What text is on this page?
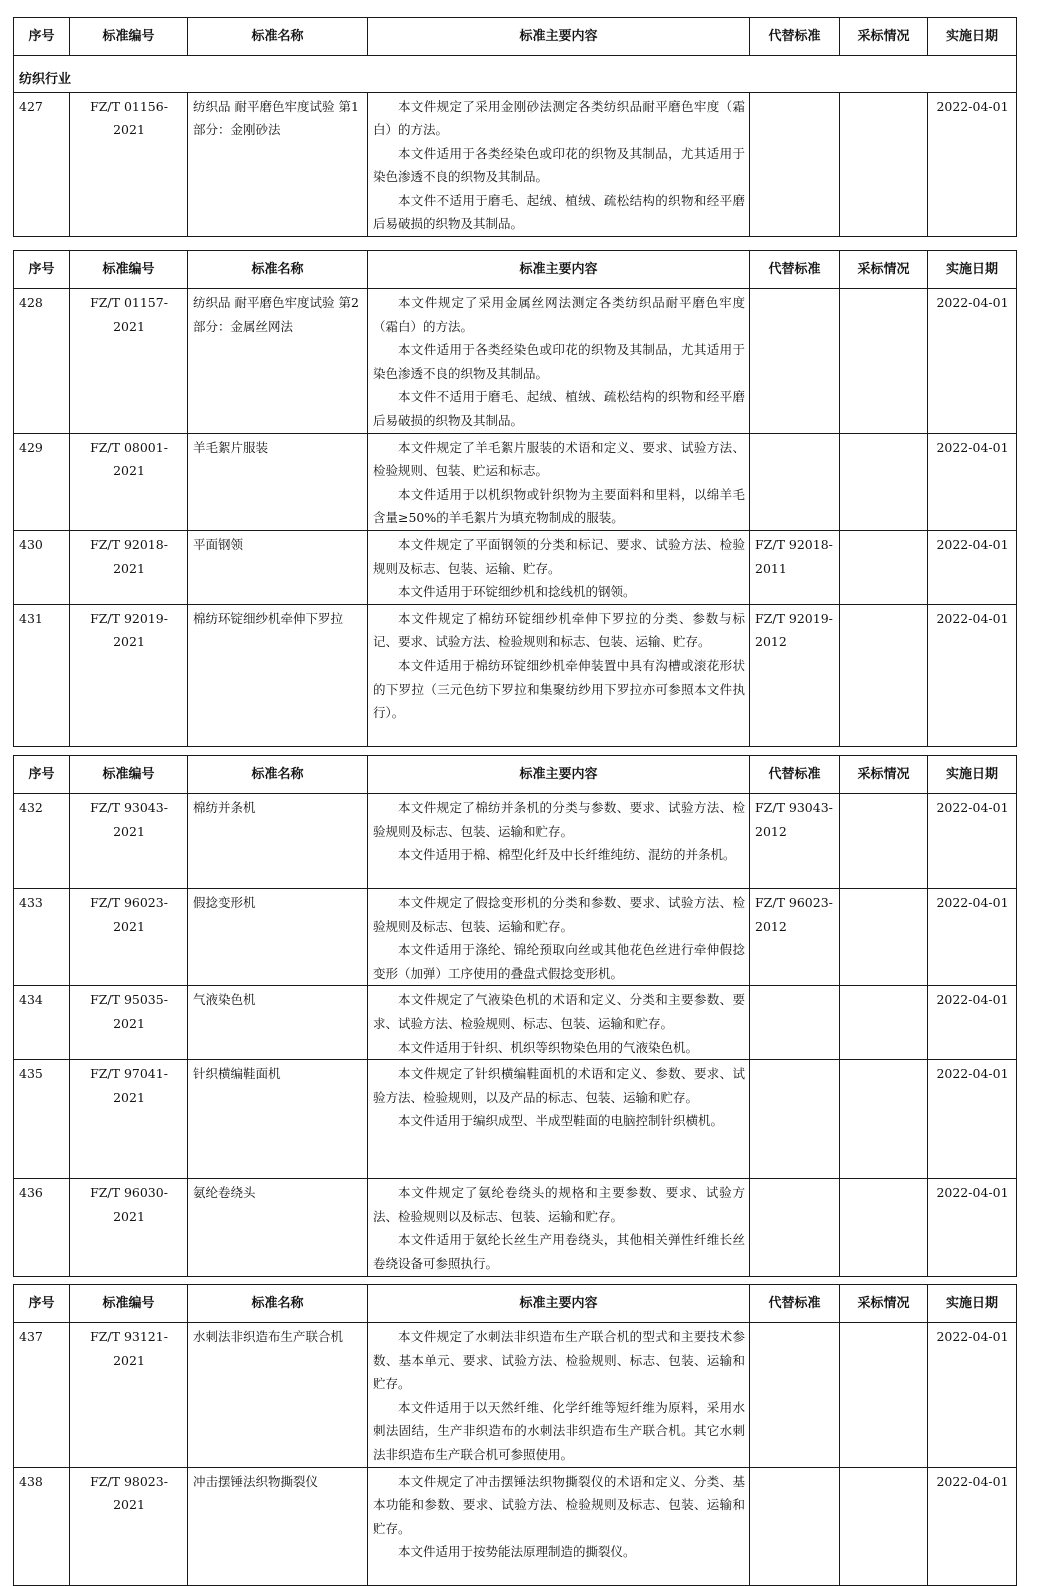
序号	标准编号	标准名称	标准主要内容	代替标准	采标情况	实施日期

纺织行业						
427	FZ/T 01156-2021	纺织品 耐平磨色牢度试验 第1部分：金刚砂法	本文件规定了采用金刚砂法测定各类纺织品耐平磨色牢度（霜白）的方法。

本文件适用于各类经染色或印花的织物及其制品，尤其适用于染色渗透不良的织物及其制品。

本文件不适用于磨毛、起绒、植绒、疏松结构的织物和经平磨后易破损的织物及其制品。			2022-04-01
序号	标准编号	标准名称	标准主要内容	代替标准	采标情况	实施日期
428	FZ/T 01157-2021	纺织品 耐平磨色牢度试验 第2部分：金属丝网法	本文件规定了采用金属丝网法测定各类纺织品耐平磨色牢度（霜白）的方法。

本文件适用于各类经染色或印花的织物及其制品，尤其适用于染色渗透不良的织物及其制品。

本文件不适用于磨毛、起绒、植绒、疏松结构的织物和经平磨后易破损的织物及其制品。			2022-04-01
429	FZ/T 08001-2021	羊毛絮片服装	本文件规定了羊毛絮片服装的术语和定义、要求、试验方法、检验规则、包装、贮运和标志。

本文件适用于以机织物或针织物为主要面料和里料，以绵羊毛含量≥50%的羊毛絮片为填充物制成的服装。			2022-04-01
430	FZ/T 92018-2021	平面钢领	本文件规定了平面钢领的分类和标记、要求、试验方法、检验规则及标志、包装、运输、贮存。

本文件适用于环锭细纱机和捻线机的钢领。	FZ/T 92018-2011		2022-04-01
431	FZ/T 92019-2021	棉纺环锭细纱机牵伸下罗拉	本文件规定了棉纺环锭细纱机牵伸下罗拉的分类、参数与标记、要求、试验方法、检验规则和标志、包装、运输、贮存。

本文件适用于棉纺环锭细纱机牵伸装置中具有沟槽或滚花形状的下罗拉（三元色纺下罗拉和集聚纺纱用下罗拉亦可参照本文件执行）。	FZ/T 92019-2012		2022-04-01
序号	标准编号	标准名称	标准主要内容	代替标准	采标情况	实施日期
432	FZ/T 93043-2021	棉纺并条机	本文件规定了棉纺并条机的分类与参数、要求、试验方法、检验规则及标志、包装、运输和贮存。

本文件适用于棉、棉型化纤及中长纤维纯纺、混纺的并条机。	FZ/T 93043-2012		2022-04-01
433	FZ/T 96023-2021	假捻变形机	本文件规定了假捻变形机的分类和参数、要求、试验方法、检验规则及标志、包装、运输和贮存。

本文件适用于涤纶、锦纶预取向丝或其他花色丝进行牵伸假捻变形（加弹）工序使用的叠盘式假捻变形机。	FZ/T 96023-2012		2022-04-01
434	FZ/T 95035-2021	气液染色机	本文件规定了气液染色机的术语和定义、分类和主要参数、要求、试验方法、检验规则、标志、包装、运输和贮存。

本文件适用于针织、机织等织物染色用的气液染色机。			2022-04-01
435	FZ/T 97041-2021	针织横编鞋面机	本文件规定了针织横编鞋面机的术语和定义、参数、要求、试验方法、检验规则，以及产品的标志、包装、运输和贮存。

本文件适用于编织成型、半成型鞋面的电脑控制针织横机。			2022-04-01
436	FZ/T 96030-2021	氨纶卷绕头	本文件规定了氨纶卷绕头的规格和主要参数、要求、试验方法、检验规则以及标志、包装、运输和贮存。

本文件适用于氨纶长丝生产用卷绕头，其他相关弹性纤维长丝卷绕设备可参照执行。			2022-04-01
序号	标准编号	标准名称	标准主要内容	代替标准	采标情况	实施日期
437	FZ/T 93121-2021	水刺法非织造布生产联合机	本文件规定了水刺法非织造布生产联合机的型式和主要技术参数、基本单元、要求、试验方法、检验规则、标志、包装、运输和贮存。

本文件适用于以天然纤维、化学纤维等短纤维为原料，采用水刺法固结，生产非织造布的水刺法非织造布生产联合机。其它水刺法非织造布生产联合机可参照使用。			2022-04-01
438	FZ/T 98023-2021	冲击摆锤法织物撕裂仪	本文件规定了冲击摆锤法织物撕裂仪的术语和定义、分类、基本功能和参数、要求、试验方法、检验规则及标志、包装、运输和贮存。

本文件适用于按势能法原理制造的撕裂仪。			2022-04-01
